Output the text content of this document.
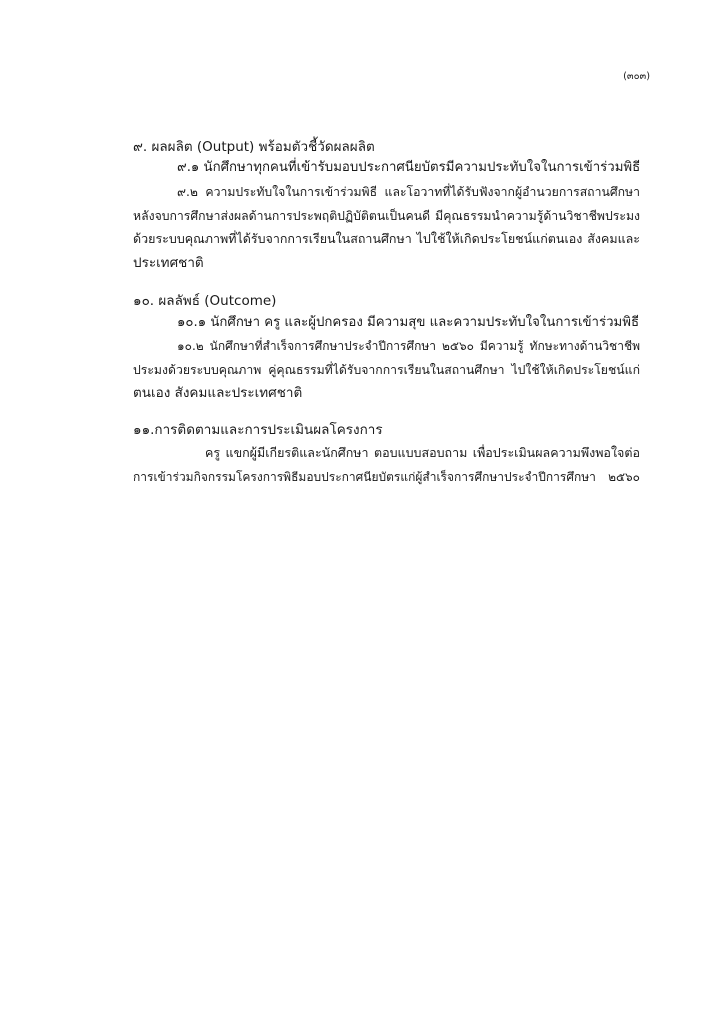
(๓๐๓)
๙. ผลผลิต (Output) พร้อมตัวชี้วัดผลผลิต
๙.๑ นักศึกษาทุกคนที่เข้ารับมอบประกาศนียบัตรมีความประทับใจในการเข้าร่วมพิธี
๙.๒ ความประทับใจในการเข้าร่วมพิธี และโอวาทที่ได้รับฟังจากผู้อำนวยการสถานศึกษา
หลังจบการศึกษาส่งผลด้านการประพฤติปฏิบัติตนเป็นคนดี มีคุณธรรมนำความรู้ด้านวิชาชีพประมง
ด้วยระบบคุณภาพที่ได้รับจากการเรียนในสถานศึกษา ไปใช้ให้เกิดประโยชน์แก่ตนเอง สังคมและ
ประเทศชาติ
๑๐. ผลลัพธ์ (Outcome)
๑๐.๑ นักศึกษา ครู และผู้ปกครอง มีความสุข และความประทับใจในการเข้าร่วมพิธี
๑๐.๒ นักศึกษาที่สำเร็จการศึกษาประจำปีการศึกษา ๒๕๖๐ มีความรู้ ทักษะทางด้านวิชาชีพ
ประมงด้วยระบบคุณภาพ คู่คุณธรรมที่ได้รับจากการเรียนในสถานศึกษา ไปใช้ให้เกิดประโยชน์แก่
ตนเอง สังคมและประเทศชาติ
๑๑.การติดตามและการประเมินผลโครงการ
ครู แขกผู้มีเกียรติและนักศึกษา ตอบแบบสอบถาม เพื่อประเมินผลความพึงพอใจต่อ
การเข้าร่วมกิจกรรมโครงการพิธีมอบประกาศนียบัตรแก่ผู้สำเร็จการศึกษาประจำปีการศึกษา ๒๕๖๐
